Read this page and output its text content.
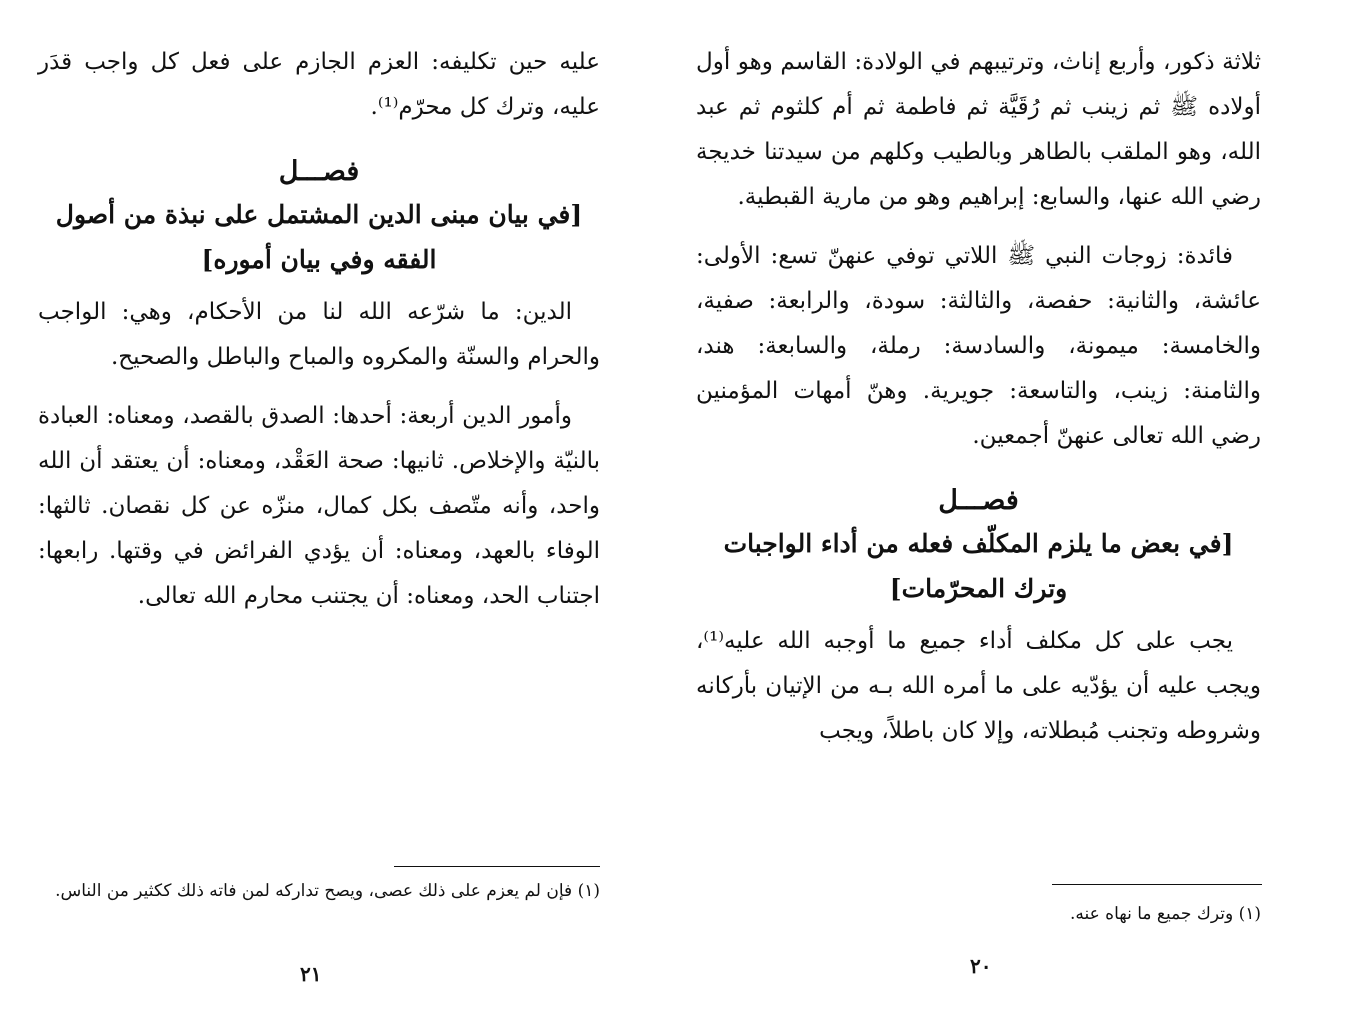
عليه حين تكليفه: العزم الجازم على فعل كل واجب قدَر عليه، وترك كل محرّم⁽¹⁾.

فصـــل
[في بيان مبنى الدين المشتمل على نبذة من أصول الفقه وفي بيان أموره]

الدين: ما شرّعه الله لنا من الأحكام، وهي: الواجب والحرام والسنّة والمكروه والمباح والباطل والصحيح.

وأمور الدين أربعة: أحدها: الصدق بالقصد، ومعناه: العبادة بالنيّة والإخلاص. ثانيها: صحة العَقْد، ومعناه: أن يعتقد أن الله واحد، وأنه متّصف بكل كمال، منزّه عن كل نقصان. ثالثها: الوفاء بالعهد، ومعناه: أن يؤدي الفرائض في وقتها. رابعها: اجتناب الحد، ومعناه: أن يجتنب محارم الله تعالى.

(١) فإن لم يعزم على ذلك عصى، ويصح تداركه لمن فاته ذلك ككثير من الناس.
٢١

ثلاثة ذكور، وأربع إناث، وترتيبهم في الولادة: القاسم وهو أول أولاده ﷺ ثم زينب ثم رُقَيَّة ثم فاطمة ثم أم كلثوم ثم عبد الله، وهو الملقب بالطاهر وبالطيب وكلهم من سيدتنا خديجة رضي الله عنها، والسابع: إبراهيم وهو من مارية القبطية.

فائدة: زوجات النبي ﷺ اللاتي توفي عنهنّ تسع: الأولى: عائشة، والثانية: حفصة، والثالثة: سودة، والرابعة: صفية، والخامسة: ميمونة، والسادسة: رملة، والسابعة: هند، والثامنة: زينب، والتاسعة: جويرية. وهنّ أمهات المؤمنين رضي الله تعالى عنهنّ أجمعين.

فصـــل
[في بعض ما يلزم المكلّف فعله من أداء الواجبات وترك المحرّمات]

يجب على كل مكلف أداء جميع ما أوجبه الله عليه⁽¹⁾، ويجب عليه أن يؤدّيه على ما أمره الله بـه من الإتيان بأركانه وشروطه وتجنب مُبطلاته، وإلا كان باطلاً، ويجب

(١) وترك جميع ما نهاه عنه.
٢٠
